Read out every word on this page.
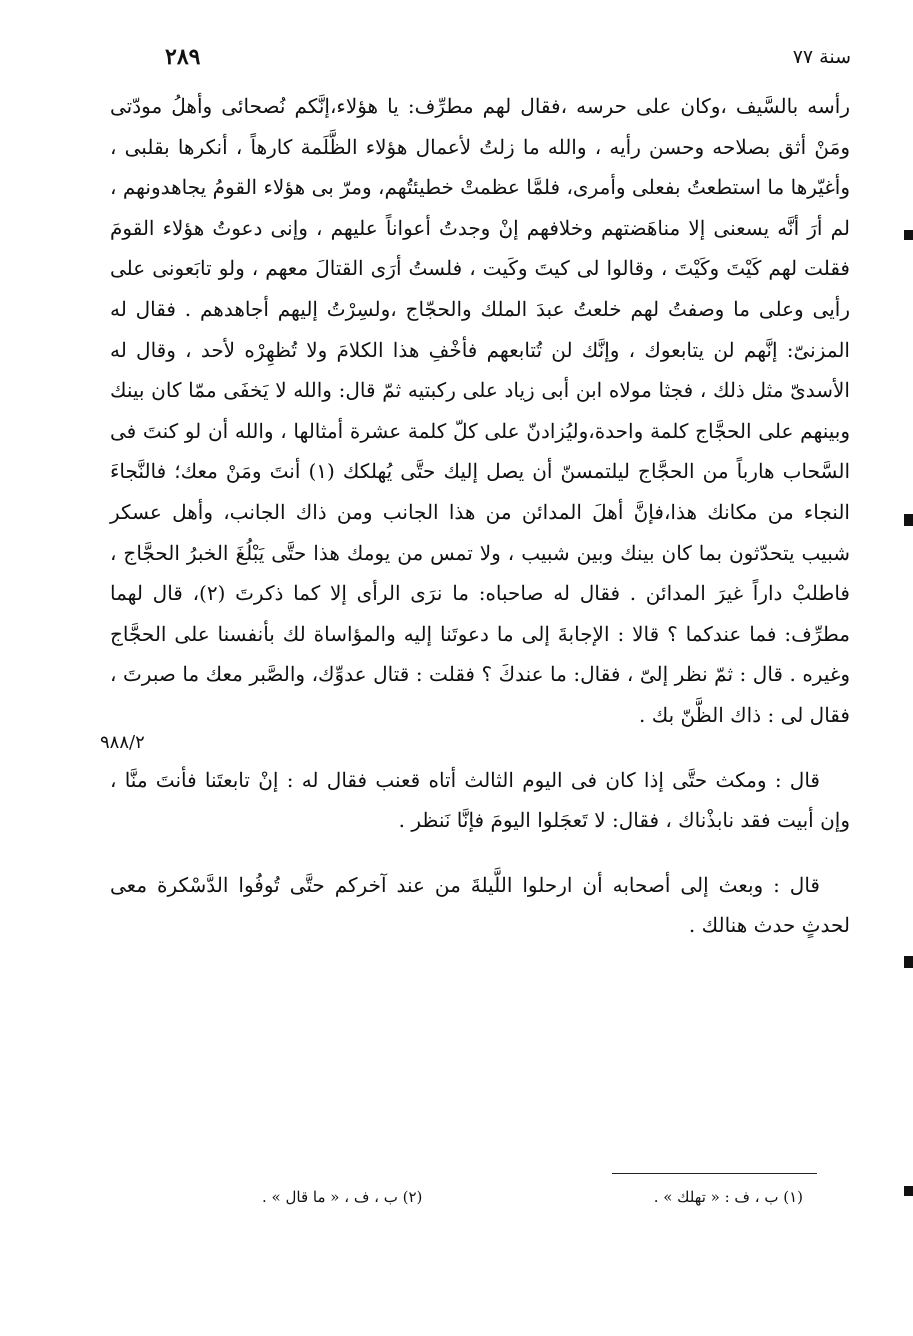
سنة ٧٧
٢٨٩
٩٨٨/٢

رأسه بالسَّيف ،وكان على حرسه ،فقال لهم مطرِّف: يا هؤلاء،إنَّكم نُصحائى وأهلُ مودّتى ومَنْ أثق بصلاحه وحسن رأيه ، والله ما زلتُ لأعمال هؤلاء الظَّلَمة كارهاً ، أنكرها بقلبى ، وأغيّرها ما استطعتُ بفعلى وأمرى، فلمَّا عظمتْ خطيئتُهم، ومرّ بى هؤلاء القومُ يجاهدونهم ، لم أرَ أنَّه يسعنى إلا مناهَضتهم وخلافهم إنْ وجدتُ أعواناً عليهم ، وإنى دعوتُ هؤلاء القومَ فقلت لهم كَيْتَ وكَيْتَ ، وقالوا لى كيتَ وكَيت ، فلستُ أرَى القتالَ معهم ، ولو تابَعونى على رأيى وعلى ما وصفتُ لهم خلعتُ عبدَ الملك والحجّاج ،ولسِرْتُ إليهم أجاهدهم . فقال له المزنىّ: إنَّهم لن يتابعوك ، وإنَّك لن تُتابعهم فأخْفِ هذا الكلامَ ولا تُظهِرْه لأحد ، وقال له الأسدىّ مثل ذلك ، فجثا مولاه ابن أبى زياد على ركبتيه ثمّ قال: والله لا يَخفَى ممّا كان بينك وبينهم على الحجَّاج كلمة واحدة،وليُزادنّ على كلّ كلمة عشرة أمثالها ، والله أن لو كنتَ فى السَّحاب هارباً من الحجَّاج ليلتمسنّ أن يصل إليك حتَّى يُهلكك (١) أنتَ ومَنْ معك؛ فالنَّجاءَ النجاء من مكانك هذا،فإنَّ أهلَ المدائن من هذا الجانب ومن ذاك الجانب، وأهل عسكر شبيب يتحدّثون بما كان بينك وبين شبيب ، ولا تمس من يومك هذا حتَّى يَبْلُغَ الخبرُ الحجَّاج ، فاطلبْ داراً غيرَ المدائن . فقال له صاحباه: ما نرَى الرأى إلا كما ذكرتَ (٢)، قال لهما مطرِّف: فما عندكما ؟ قالا : الإجابةَ إلى ما دعوتَنا إليه والمؤاساة لك بأنفسنا على الحجَّاج وغيره . قال : ثمّ نظر إلىّ ، فقال: ما عندكَ ؟ فقلت : قتال عدوِّك، والصَّبر معك ما صبرتَ ، فقال لى : ذاك الظَّنّ بك .

قال : ومكث حتَّى إذا كان فى اليوم الثالث أتاه قعنب فقال له : إنْ تابعتَنا فأنتَ منَّا ، وإن أبيت فقد نابذْناك ، فقال: لا تَعجَلوا اليومَ فإنَّا نَنظر .

قال : وبعث إلى أصحابه أن ارحلوا اللَّيلةَ من عند آخركم حتَّى تُوفُوا الدَّسْكرة معى لحدثٍ حدث هنالك .

(١) ب ، ف : « تهلك » .
(٢) ب ، ف ، « ما قال » .
